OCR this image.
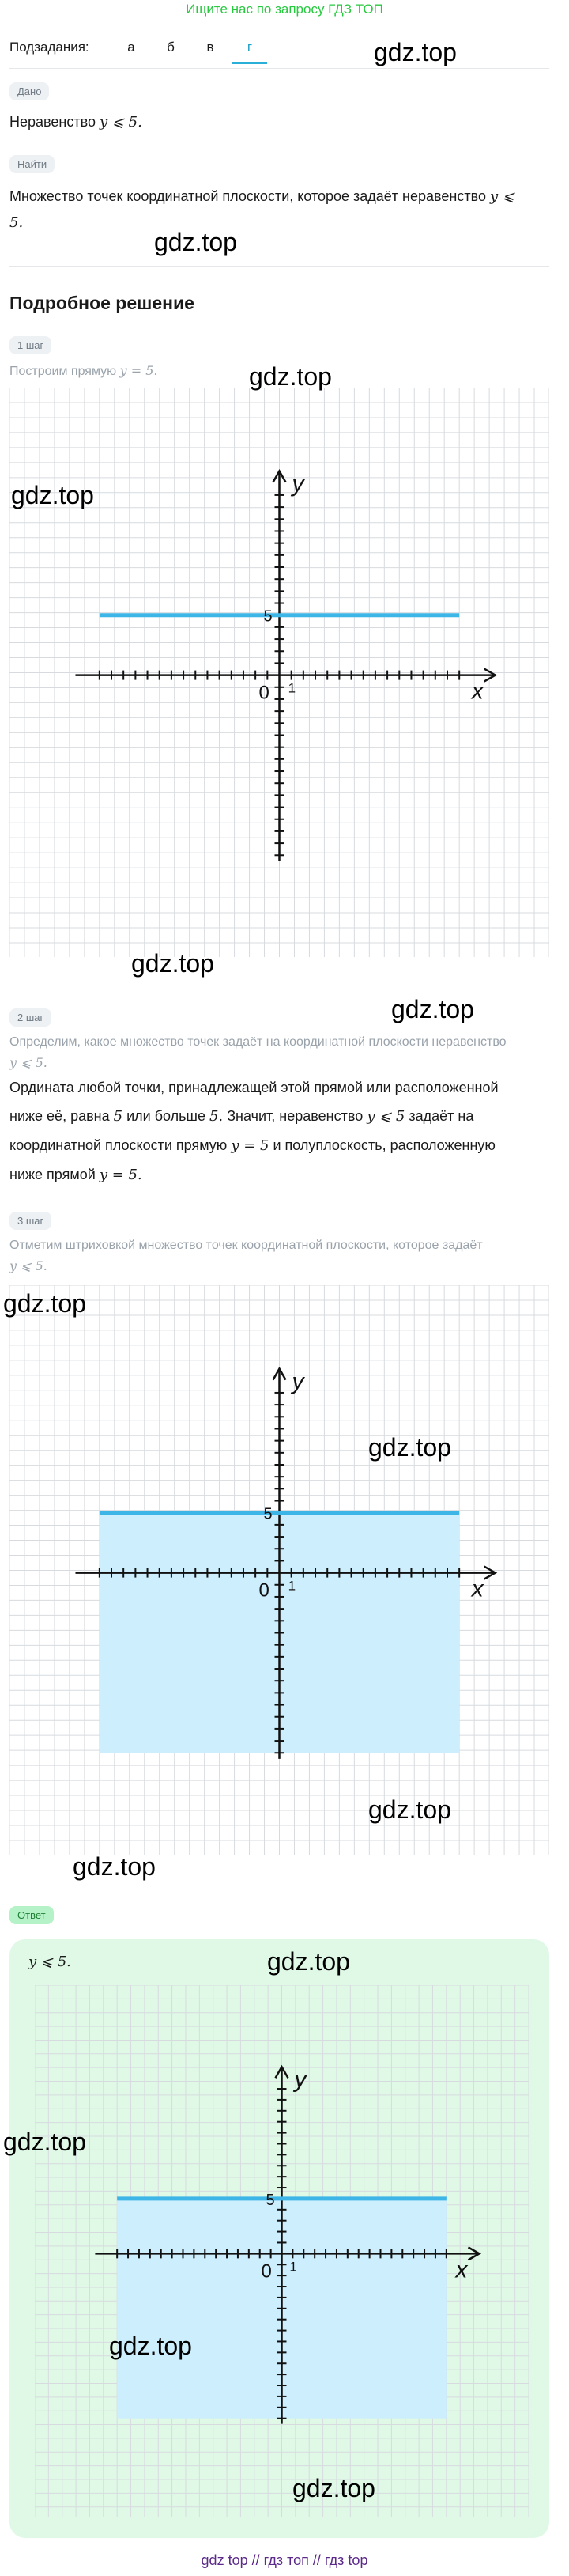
Ищите нас по запросу ГДЗ ТОП
Подзадания:	а	б	в	г
Дано
Неравенство y ⩽ 5.
Найти
Множество точек координатной плоскости, которое задаёт неравенство y ⩽
5.
Подробное решение
1 шаг
Построим прямую y = 5.
x
y
0 1
5
2 шаг
Определим, какое множество точек задаёт на координатной плоскости неравенство
y ⩽ 5.
Ордината любой точки, принадлежащей этой прямой или расположенной
ниже её, равна 5 или больше 5. Значит, неравенство y ⩽ 5 задаёт на
координатной плоскости прямую y = 5 и полуплоскость, расположенную
ниже прямой y = 5.
3 шаг
Отметим штриховкой множество точек координатной плоскости, которое задаёт
y ⩽ 5.
x
y
0 1
5
Ответ
y ⩽ 5.
x
y
0 1
5
gdz.top
gdz.top
gdz.top
gdz.top
gdz.top
gdz.top
gdz.top
gdz.top
gdz.top
gdz.top
gdz.top
gdz.top
gdz.top
gdz.top
gdz top // гдз топ // гдз top
